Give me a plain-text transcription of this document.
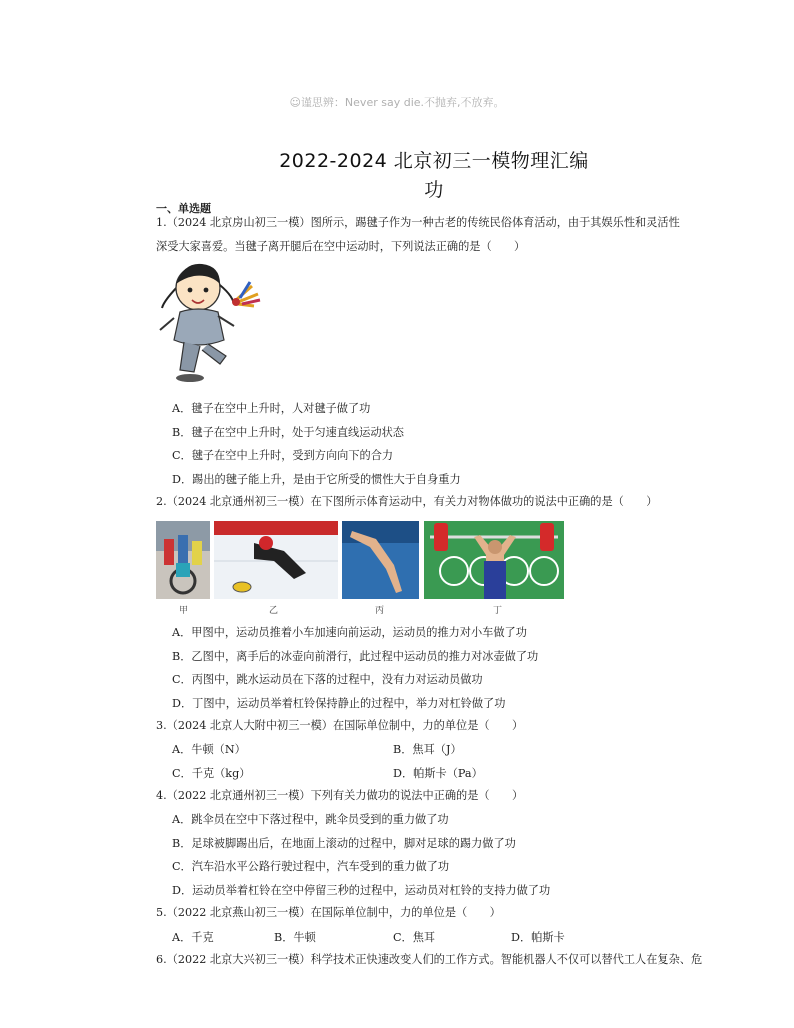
☺谨思辨：Never say die.不抛弃,不放弃。
2022-2024 北京初三一模物理汇编
功
一、单选题
1.（2024 北京房山初三一模）图所示，踢毽子作为一种古老的传统民俗体育活动，由于其娱乐性和灵活性
深受大家喜爱。当毽子离开腿后在空中运动时，下列说法正确的是（　　）
A．毽子在空中上升时，人对毽子做了功
B．毽子在空中上升时，处于匀速直线运动状态
C．毽子在空中上升时，受到方向向下的合力
D．踢出的毽子能上升，是由于它所受的惯性大于自身重力
2.（2024 北京通州初三一模）在下图所示体育运动中，有关力对物体做功的说法中正确的是（　　）
甲	乙	丙	丁
A．甲图中，运动员推着小车加速向前运动，运动员的推力对小车做了功
B．乙图中，离手后的冰壶向前滑行，此过程中运动员的推力对冰壶做了功
C．丙图中，跳水运动员在下落的过程中，没有力对运动员做功
D．丁图中，运动员举着杠铃保持静止的过程中，举力对杠铃做了功
3.（2024 北京人大附中初三一模）在国际单位制中，力的单位是（　　）
A．牛顿（N）	B．焦耳（J）
C．千克（kg）	D．帕斯卡（Pa）
4.（2022 北京通州初三一模）下列有关力做功的说法中正确的是（　　）
A．跳伞员在空中下落过程中，跳伞员受到的重力做了功
B．足球被脚踢出后，在地面上滚动的过程中，脚对足球的踢力做了功
C．汽车沿水平公路行驶过程中，汽车受到的重力做了功
D．运动员举着杠铃在空中停留三秒的过程中，运动员对杠铃的支持力做了功
5.（2022 北京燕山初三一模）在国际单位制中，力的单位是（　　）
A．千克	B．牛顿	C．焦耳	D．帕斯卡
6.（2022 北京大兴初三一模）科学技术正快速改变人们的工作方式。智能机器人不仅可以替代工人在复杂、危
